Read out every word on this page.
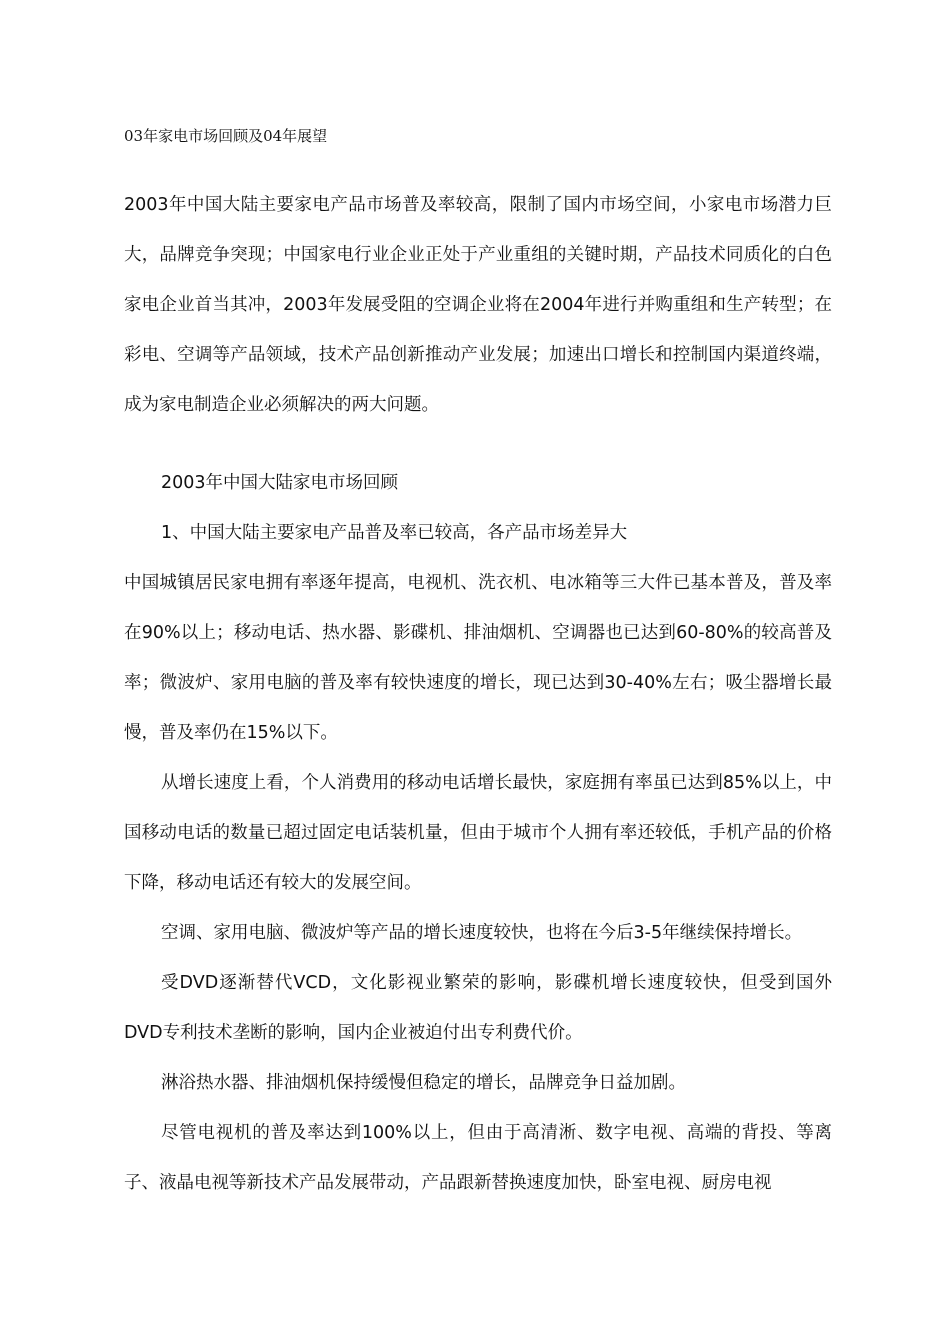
03年家电市场回顾及04年展望

2003年中国大陆主要家电产品市场普及率较高，限制了国内市场空间，小家电市场潜力巨大，品牌竞争突现；中国家电行业企业正处于产业重组的关键时期，产品技术同质化的白色家电企业首当其冲，2003年发展受阻的空调企业将在2004年进行并购重组和生产转型；在彩电、空调等产品领域，技术产品创新推动产业发展；加速出口增长和控制国内渠道终端，成为家电制造企业必须解决的两大问题。

2003年中国大陆家电市场回顾

1、中国大陆主要家电产品普及率已较高，各产品市场差异大

中国城镇居民家电拥有率逐年提高，电视机、洗衣机、电冰箱等三大件已基本普及，普及率在90%以上；移动电话、热水器、影碟机、排油烟机、空调器也已达到60-80%的较高普及率；微波炉、家用电脑的普及率有较快速度的增长，现已达到30-40%左右；吸尘器增长最慢，普及率仍在15%以下。

从增长速度上看，个人消费用的移动电话增长最快，家庭拥有率虽已达到85%以上，中国移动电话的数量已超过固定电话装机量，但由于城市个人拥有率还较低，手机产品的价格下降，移动电话还有较大的发展空间。

空调、家用电脑、微波炉等产品的增长速度较快，也将在今后3-5年继续保持增长。

受DVD逐渐替代VCD，文化影视业繁荣的影响，影碟机增长速度较快，但受到国外DVD专利技术垄断的影响，国内企业被迫付出专利费代价。

淋浴热水器、排油烟机保持缓慢但稳定的增长，品牌竞争日益加剧。

尽管电视机的普及率达到100%以上，但由于高清淅、数字电视、高端的背投、等离子、液晶电视等新技术产品发展带动，产品跟新替换速度加快，卧室电视、厨房电视
